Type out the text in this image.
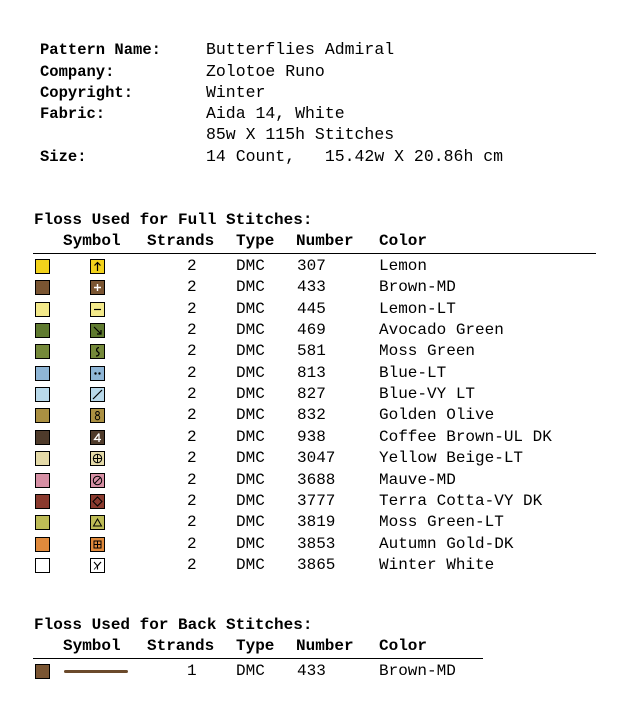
Pattern Name:	Butterflies Admiral
Company:	Zolotoe Runo
Copyright:	Winter
Fabric:	Aida 14, White
85w X 115h Stitches
Size:	14 Count,   15.42w X 20.86h cm
Floss Used for Full Stitches:
Symbol Strands Type Number Color
2 DMC 307	Lemon
2 DMC 433	Brown-MD
2 DMC 445	Lemon-LT
2 DMC 469	Avocado Green
2 DMC 581	Moss Green
2 DMC 813	Blue-LT
2 DMC 827	Blue-VY LT
2 DMC 832	Golden Olive
2 DMC 938	Coffee Brown-UL DK
2 DMC 3047	Yellow Beige-LT
2 DMC 3688	Mauve-MD
2 DMC 3777	Terra Cotta-VY DK
2 DMC 3819	Moss Green-LT
2 DMC 3853	Autumn Gold-DK
2 DMC 3865	Winter White
Floss Used for Back Stitches:
Symbol Strands Type Number Color
1 DMC 433	Brown-MD
